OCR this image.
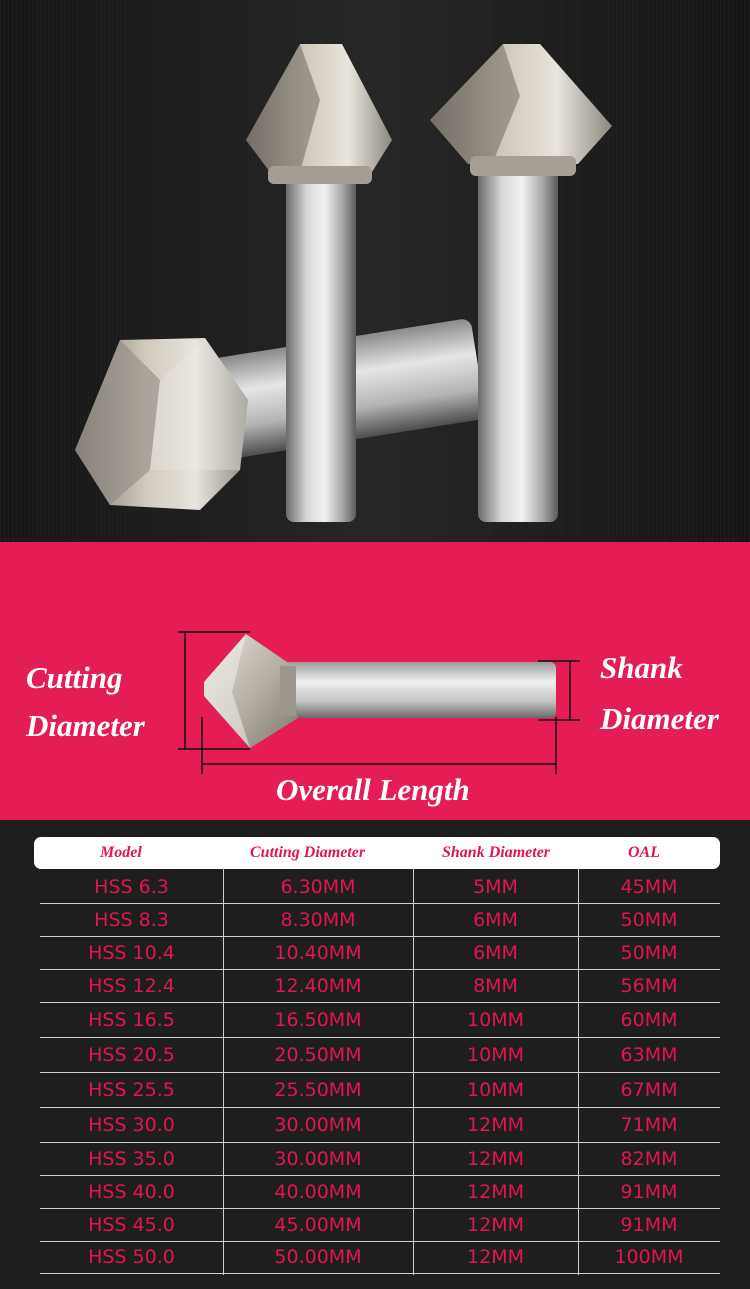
Cutting
Diameter
Shank
Diameter
Overall Length
Model	Cutting Diameter	Shank Diameter	OAL
HSS 6.3	6.30MM	5MM	45MM
HSS 8.3	8.30MM	6MM	50MM
HSS 10.4	10.40MM	6MM	50MM
HSS 12.4	12.40MM	8MM	56MM
HSS 16.5	16.50MM	10MM	60MM
HSS 20.5	20.50MM	10MM	63MM
HSS 25.5	25.50MM	10MM	67MM
HSS 30.0	30.00MM	12MM	71MM
HSS 35.0	30.00MM	12MM	82MM
HSS 40.0	40.00MM	12MM	91MM
HSS 45.0	45.00MM	12MM	91MM
HSS 50.0	50.00MM	12MM	100MM
